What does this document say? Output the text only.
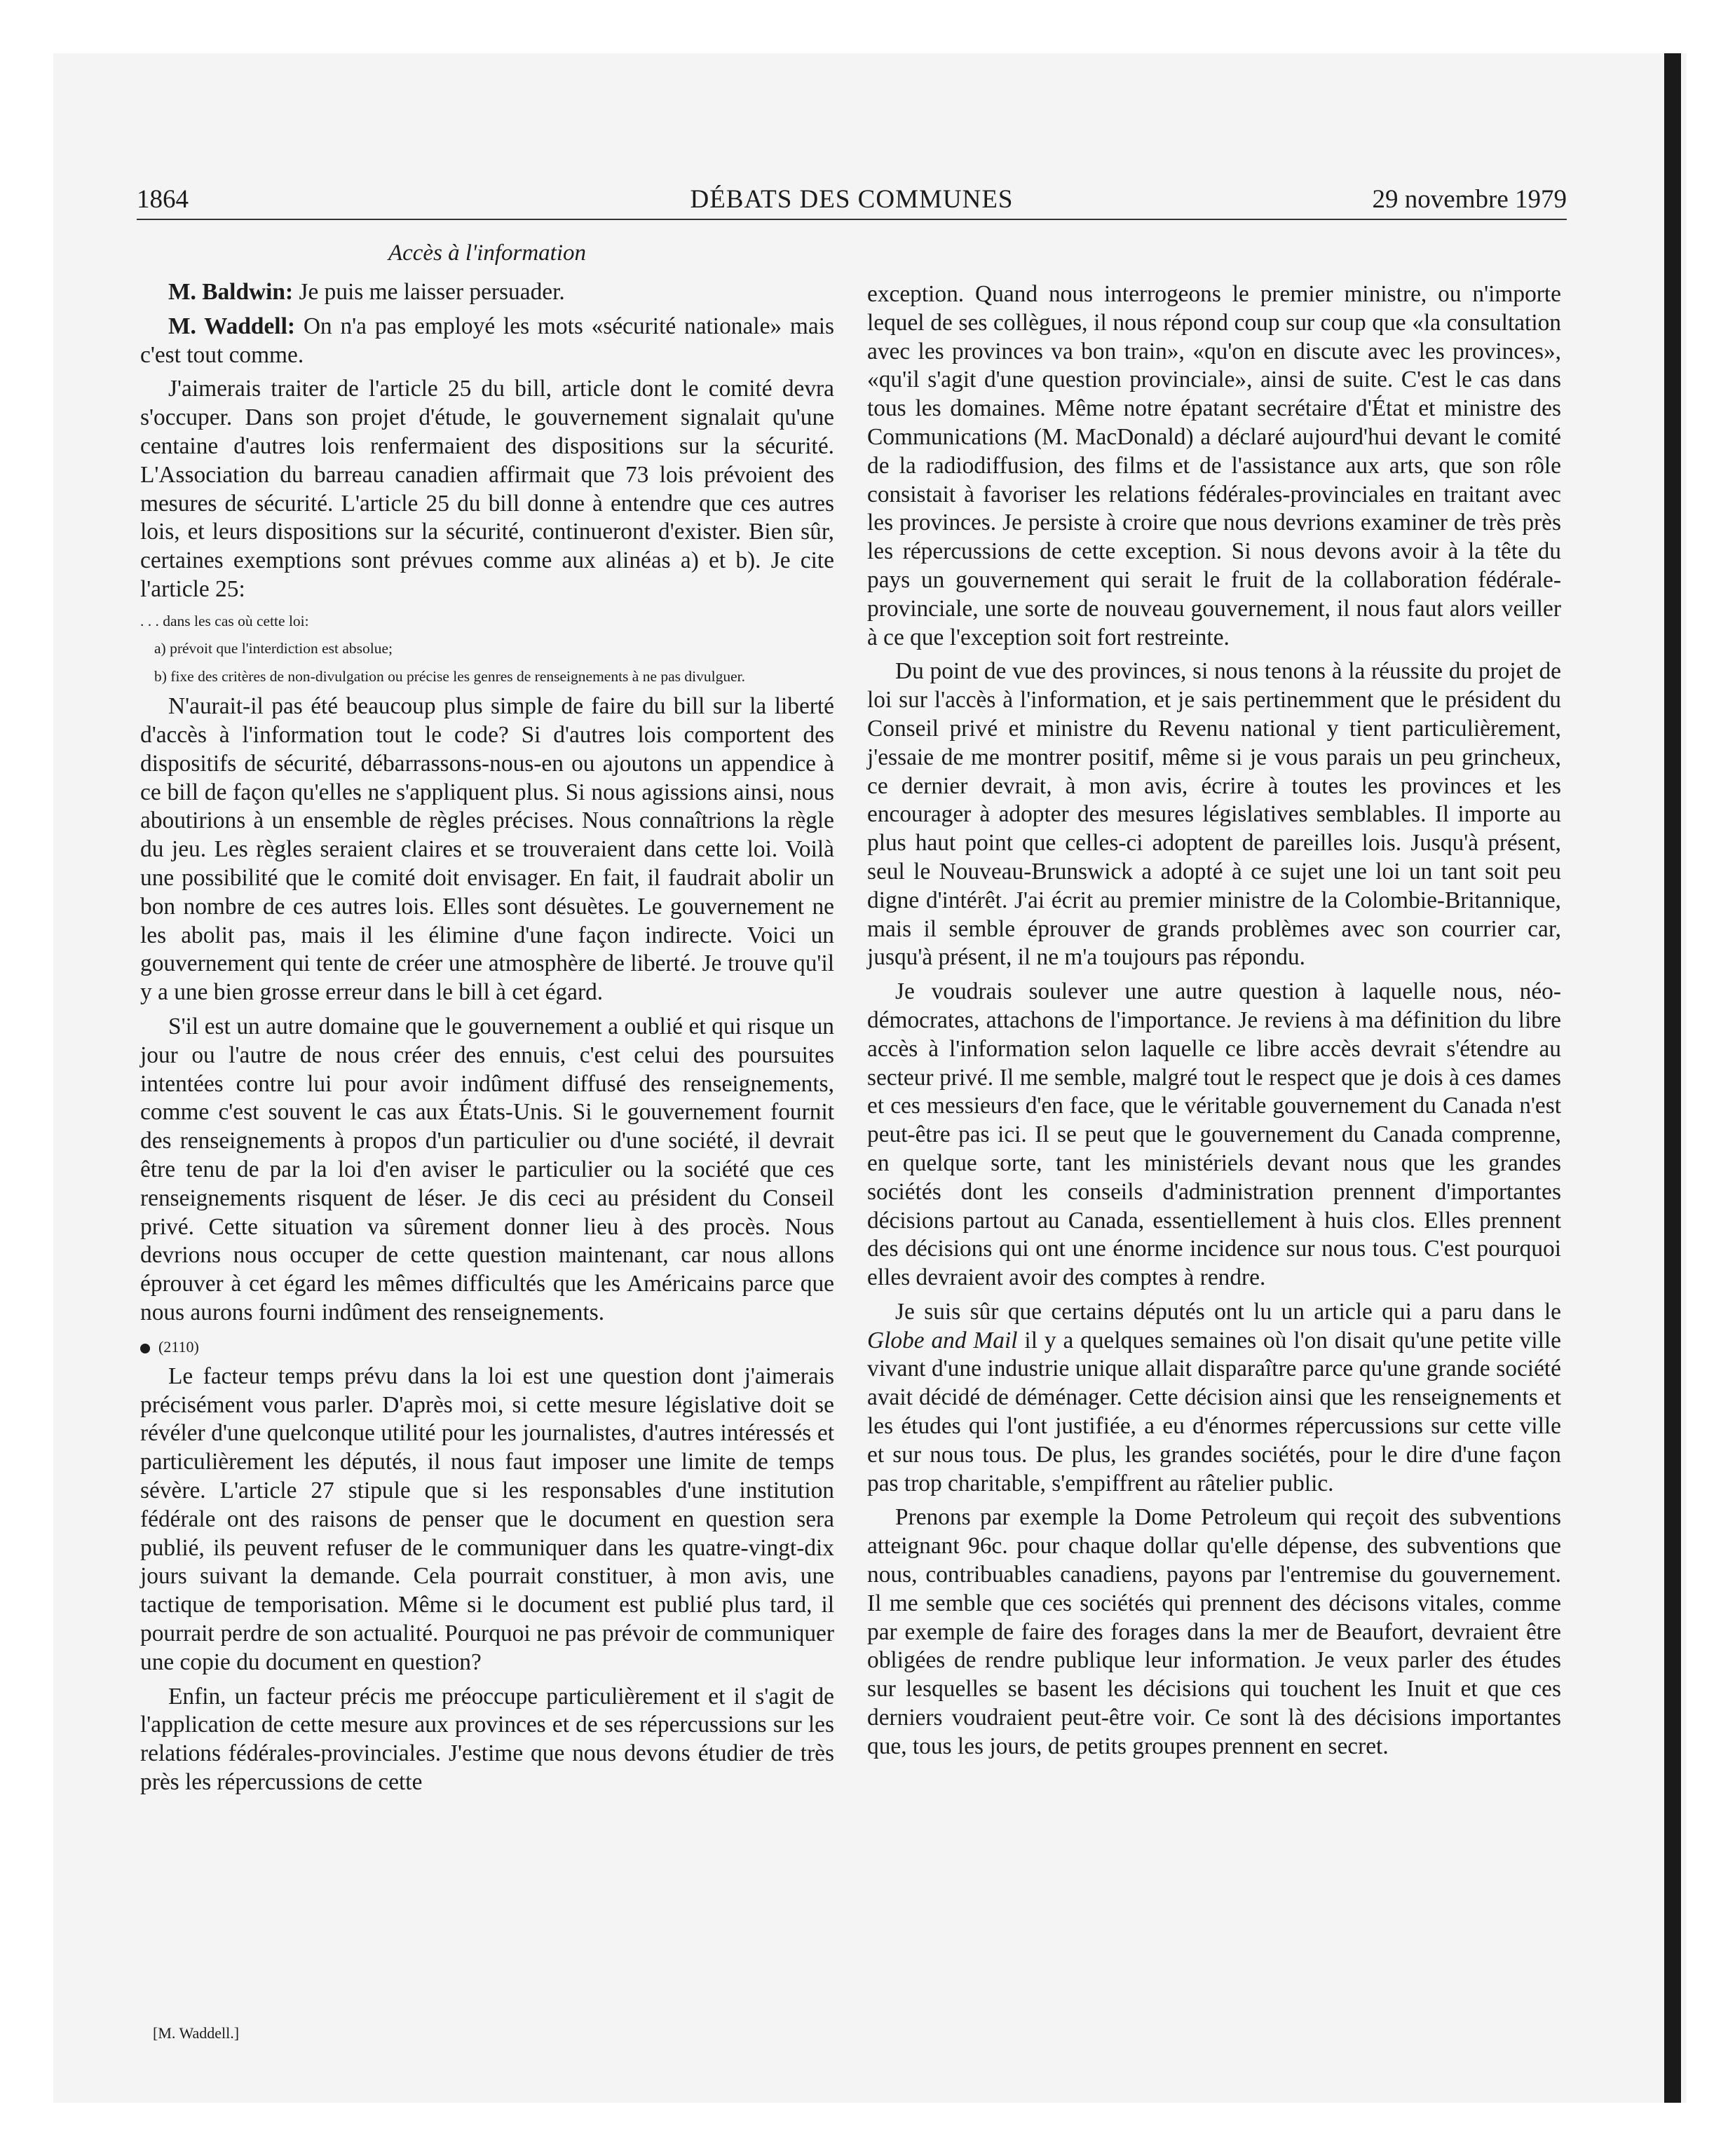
1864	DÉBATS DES COMMUNES	29 novembre 1979
Accès à l'information

M. Baldwin: Je puis me laisser persuader.

M. Waddell: On n'a pas employé les mots «sécurité nationale» mais c'est tout comme.

J'aimerais traiter de l'article 25 du bill, article dont le comité devra s'occuper. Dans son projet d'étude, le gouvernement signalait qu'une centaine d'autres lois renfermaient des dispositions sur la sécurité. L'Association du barreau canadien affirmait que 73 lois prévoient des mesures de sécurité. L'article 25 du bill donne à entendre que ces autres lois, et leurs dispositions sur la sécurité, continueront d'exister. Bien sûr, certaines exemptions sont prévues comme aux alinéas a) et b). Je cite l'article 25:

. . . dans les cas où cette loi:
a) prévoit que l'interdiction est absolue;
b) fixe des critères de non-divulgation ou précise les genres de renseignements à ne pas divulguer.

N'aurait-il pas été beaucoup plus simple de faire du bill sur la liberté d'accès à l'information tout le code? Si d'autres lois comportent des dispositifs de sécurité, débarrassons-nous-en ou ajoutons un appendice à ce bill de façon qu'elles ne s'appliquent plus. Si nous agissions ainsi, nous aboutirions à un ensemble de règles précises. Nous connaîtrions la règle du jeu. Les règles seraient claires et se trouveraient dans cette loi. Voilà une possibilité que le comité doit envisager. En fait, il faudrait abolir un bon nombre de ces autres lois. Elles sont désuètes. Le gouvernement ne les abolit pas, mais il les élimine d'une façon indirecte. Voici un gouvernement qui tente de créer une atmosphère de liberté. Je trouve qu'il y a une bien grosse erreur dans le bill à cet égard.

S'il est un autre domaine que le gouvernement a oublié et qui risque un jour ou l'autre de nous créer des ennuis, c'est celui des poursuites intentées contre lui pour avoir indûment diffusé des renseignements, comme c'est souvent le cas aux États-Unis. Si le gouvernement fournit des renseignements à propos d'un particulier ou d'une société, il devrait être tenu de par la loi d'en aviser le particulier ou la société que ces renseignements risquent de léser. Je dis ceci au président du Conseil privé. Cette situation va sûrement donner lieu à des procès. Nous devrions nous occuper de cette question maintenant, car nous allons éprouver à cet égard les mêmes difficultés que les Américains parce que nous aurons fourni indûment des renseignements.

(2110)

Le facteur temps prévu dans la loi est une question dont j'aimerais précisément vous parler. D'après moi, si cette mesure législative doit se révéler d'une quelconque utilité pour les journalistes, d'autres intéressés et particulièrement les députés, il nous faut imposer une limite de temps sévère. L'article 27 stipule que si les responsables d'une institution fédérale ont des raisons de penser que le document en question sera publié, ils peuvent refuser de le communiquer dans les quatre-vingt-dix jours suivant la demande. Cela pourrait constituer, à mon avis, une tactique de temporisation. Même si le document est publié plus tard, il pourrait perdre de son actualité. Pourquoi ne pas prévoir de communiquer une copie du document en question?

Enfin, un facteur précis me préoccupe particulièrement et il s'agit de l'application de cette mesure aux provinces et de ses répercussions sur les relations fédérales-provinciales. J'estime que nous devons étudier de très près les répercussions de cette

exception. Quand nous interrogeons le premier ministre, ou n'importe lequel de ses collègues, il nous répond coup sur coup que «la consultation avec les provinces va bon train», «qu'on en discute avec les provinces», «qu'il s'agit d'une question provinciale», ainsi de suite. C'est le cas dans tous les domaines. Même notre épatant secrétaire d'État et ministre des Communications (M. MacDonald) a déclaré aujourd'hui devant le comité de la radiodiffusion, des films et de l'assistance aux arts, que son rôle consistait à favoriser les relations fédérales-provinciales en traitant avec les provinces. Je persiste à croire que nous devrions examiner de très près les répercussions de cette exception. Si nous devons avoir à la tête du pays un gouvernement qui serait le fruit de la collaboration fédérale-provinciale, une sorte de nouveau gouvernement, il nous faut alors veiller à ce que l'exception soit fort restreinte.

Du point de vue des provinces, si nous tenons à la réussite du projet de loi sur l'accès à l'information, et je sais pertinemment que le président du Conseil privé et ministre du Revenu national y tient particulièrement, j'essaie de me montrer positif, même si je vous parais un peu grincheux, ce dernier devrait, à mon avis, écrire à toutes les provinces et les encourager à adopter des mesures législatives semblables. Il importe au plus haut point que celles-ci adoptent de pareilles lois. Jusqu'à présent, seul le Nouveau-Brunswick a adopté à ce sujet une loi un tant soit peu digne d'intérêt. J'ai écrit au premier ministre de la Colombie-Britannique, mais il semble éprouver de grands problèmes avec son courrier car, jusqu'à présent, il ne m'a toujours pas répondu.

Je voudrais soulever une autre question à laquelle nous, néo-démocrates, attachons de l'importance. Je reviens à ma définition du libre accès à l'information selon laquelle ce libre accès devrait s'étendre au secteur privé. Il me semble, malgré tout le respect que je dois à ces dames et ces messieurs d'en face, que le véritable gouvernement du Canada n'est peut-être pas ici. Il se peut que le gouvernement du Canada comprenne, en quelque sorte, tant les ministériels devant nous que les grandes sociétés dont les conseils d'administration prennent d'importantes décisions partout au Canada, essentiellement à huis clos. Elles prennent des décisions qui ont une énorme incidence sur nous tous. C'est pourquoi elles devraient avoir des comptes à rendre.

Je suis sûr que certains députés ont lu un article qui a paru dans le Globe and Mail il y a quelques semaines où l'on disait qu'une petite ville vivant d'une industrie unique allait disparaître parce qu'une grande société avait décidé de déménager. Cette décision ainsi que les renseignements et les études qui l'ont justifiée, a eu d'énormes répercussions sur cette ville et sur nous tous. De plus, les grandes sociétés, pour le dire d'une façon pas trop charitable, s'empiffrent au râtelier public.

Prenons par exemple la Dome Petroleum qui reçoit des subventions atteignant 96c. pour chaque dollar qu'elle dépense, des subventions que nous, contribuables canadiens, payons par l'entremise du gouvernement. Il me semble que ces sociétés qui prennent des décisons vitales, comme par exemple de faire des forages dans la mer de Beaufort, devraient être obligées de rendre publique leur information. Je veux parler des études sur lesquelles se basent les décisions qui touchent les Inuit et que ces derniers voudraient peut-être voir. Ce sont là des décisions importantes que, tous les jours, de petits groupes prennent en secret.

[M. Waddell.]
